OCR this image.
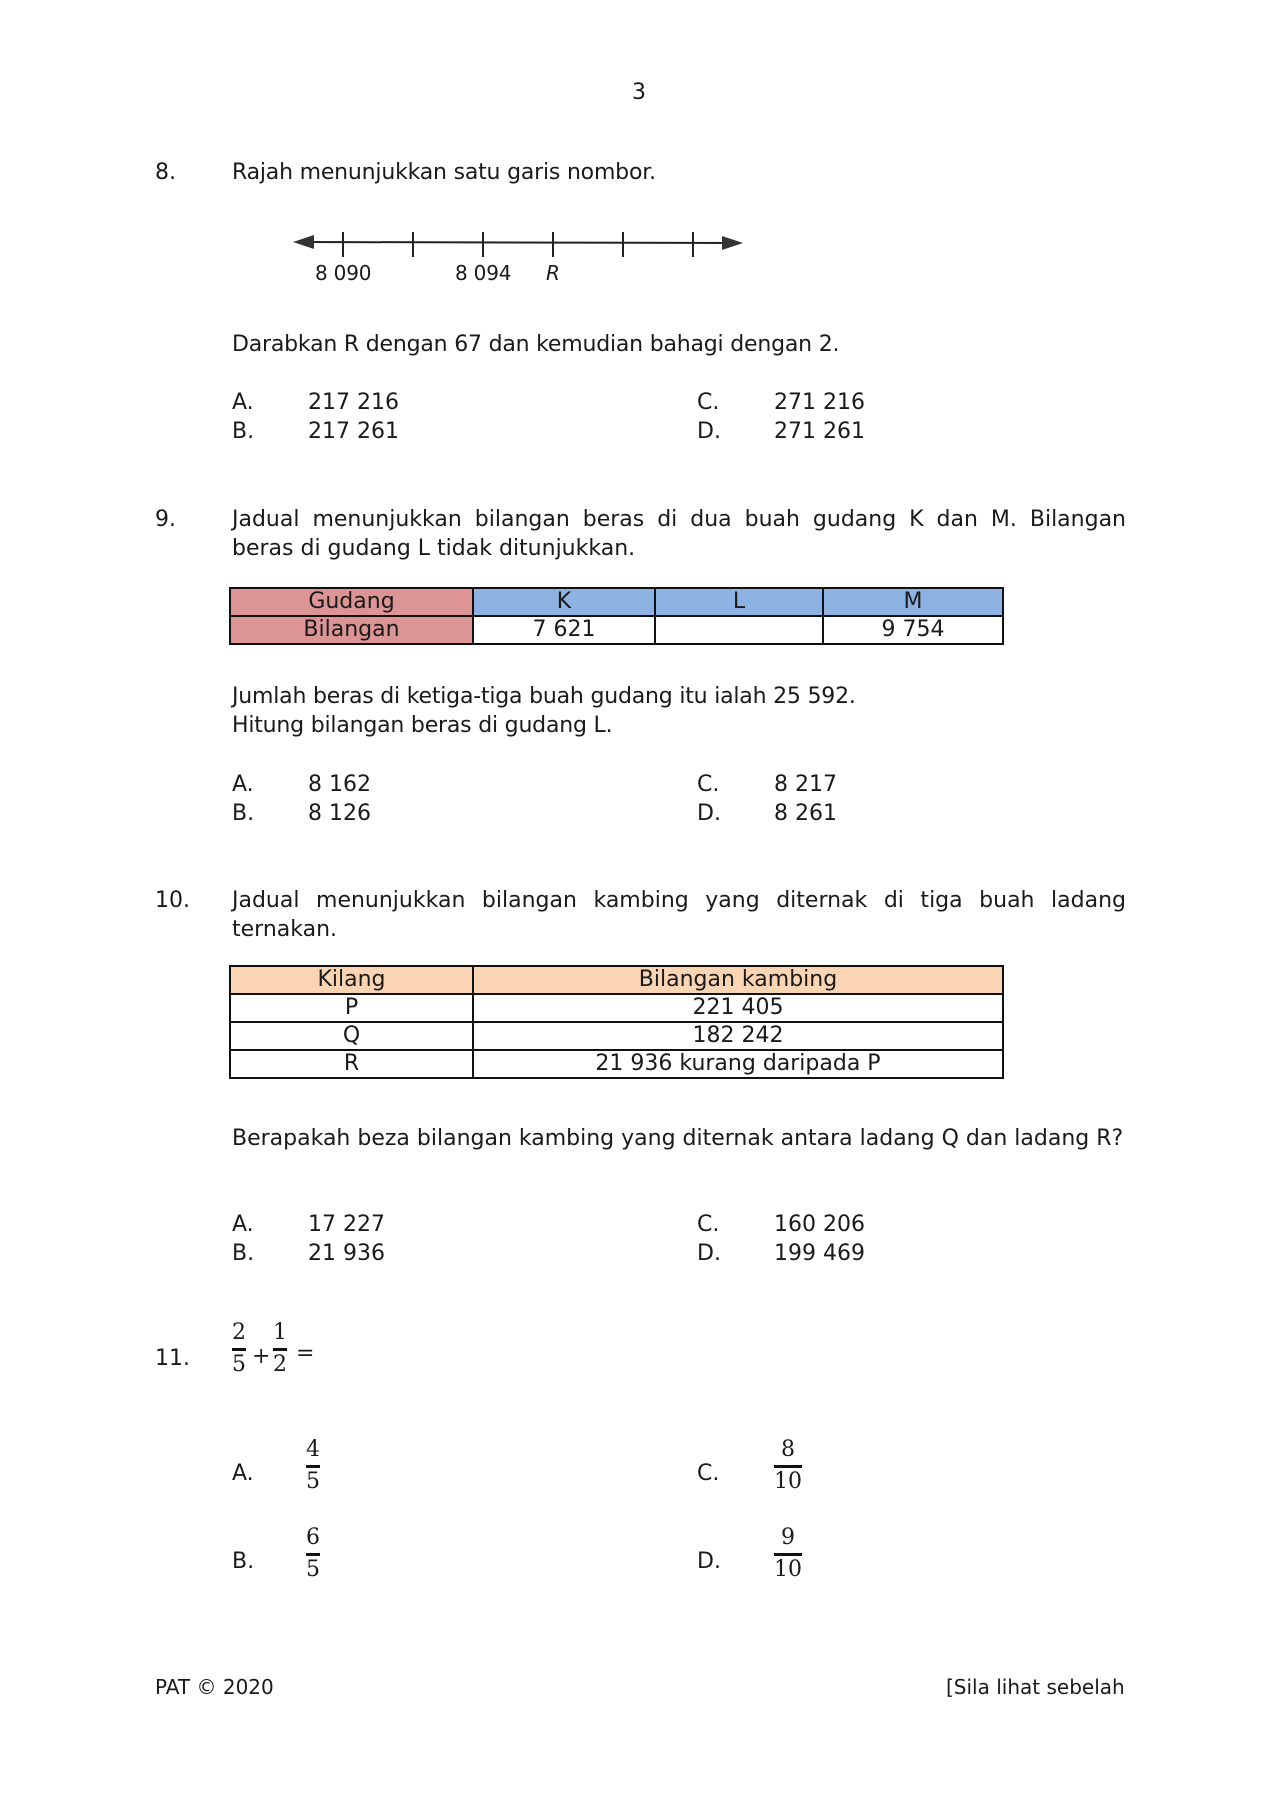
3
8.	Rajah menunjukkan satu garis nombor.
8 090	8 094 R
Darabkan R dengan 67 dan kemudian bahagi dengan 2.
A. 217 216
B. 217 261
C. 271 216
D. 271 261
9.	Jadual menunjukkan bilangan beras di dua buah gudang K dan M. Bilangan beras di gudang L tidak ditunjukkan.
Gudang	K	L	M
Bilangan	7 621		9 754
Jumlah beras di ketiga-tiga buah gudang itu ialah 25 592.
Hitung bilangan beras di gudang L.
A. 8 162
B. 8 126
C. 8 217
D. 8 261
10. Jadual menunjukkan bilangan kambing yang diternak di tiga buah ladang ternakan.
Kilang	Bilangan kambing
P	221 405
Q	182 242
R	21 936 kurang daripada P
Berapakah beza bilangan kambing yang diternak antara ladang Q dan ladang R?
A. 17 227
B. 21 936
C. 160 206
D. 199 469
11.
2
5 +
1
2 =
A.
4
5
B.
6
5
C.
8
10
D.
9
10
PAT © 2020	[Sila lihat sebelah
